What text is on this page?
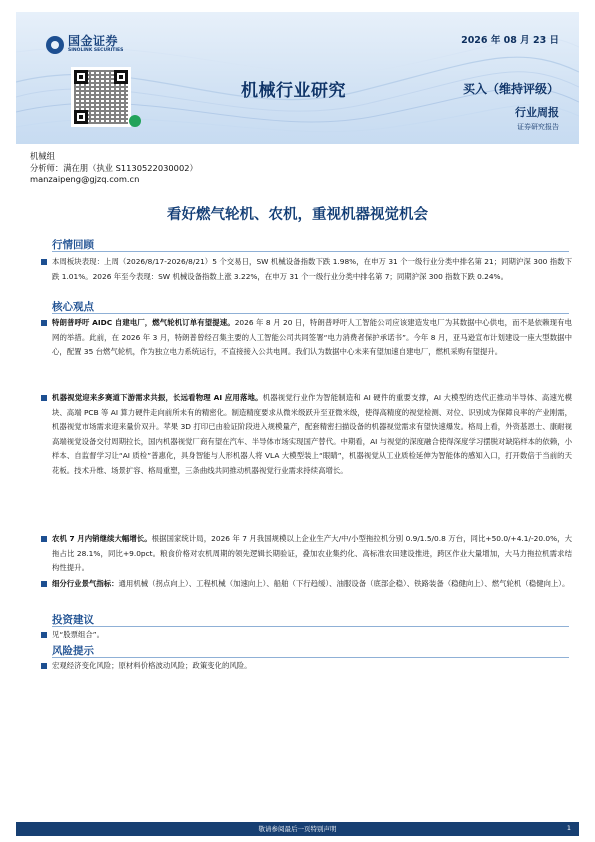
国金证券
SINOLINK SECURITIES
2026 年 08 月 23 日
机械行业研究	买入（维持评级）
行业周报
证券研究报告
机械组
分析师：满在朋（执业 S1130522030002）
manzaipeng@gjzq.com.cn
看好燃气轮机、农机，重视机器视觉机会
行情回顾
本周板块表现：上周（2026/8/17-2026/8/21）5 个交易日，SW 机械设备指数下跌 1.98%，在申万 31 个一级行业分类中排名第 21；同期沪深 300 指数下跌 1.01%。2026 年至今表现：SW 机械设备指数上涨 3.22%，在申万 31 个一级行业分类中排名第 7；同期沪深 300 指数下跌 0.24%。
核心观点
特朗普呼吁 AIDC 自建电厂，燃气轮机订单有望提速。2026 年 8 月 20 日，特朗普呼吁人工智能公司应该建造发电厂为其数据中心供电，而不是依赖现有电网的举措。此前，在 2026 年 3 月，特朗普曾经召集主要的人工智能公司共同签署“电力消费者保护承诺书”。今年 8 月，亚马逊宣布计划建设一座大型数据中心，配置 35 台燃气轮机，作为独立电力系统运行，不直接接入公共电网。我们认为数据中心未来有望加速自建电厂，燃机采购有望提升。
机器视觉迎来多赛道下游需求共振，长远看物理 AI 应用落地。机器视觉行业作为智能制造和 AI 硬件的重要支撑，AI 大模型的迭代正推动半导体、高速光模块、高端 PCB 等 AI 算力硬件走向前所未有的精密化。制造精度要求从微米级跃升至亚微米级，使得高精度的视觉检测、对位、识别成为保障良率的产业刚需，机器视觉市场需求迎来量价双升。苹果 3D 打印已由验证阶段进入规模量产，配套精密扫描设备的机器视觉需求有望快速爆发。格局上看，外资基恩士、康耐视高端视觉设备交付周期拉长，国内机器视觉厂商有望在汽车、半导体市场实现国产替代。中期看，AI 与视觉的深度融合使得深度学习摆脱对缺陷样本的依赖，小样本、自监督学习让“AI 质检”普惠化，具身智能与人形机器人将 VLA 大模型装上“眼睛”，机器视觉从工业质检延伸为智能体的感知入口，打开数倍于当前的天花板。技术升维、场景扩容、格局重塑，三条曲线共同推动机器视觉行业需求持续高增长。
农机 7 月内销继续大幅增长。根据国家统计局，2026 年 7 月我国规模以上企业生产大/中/小型拖拉机分别 0.9/1.5/0.8 万台，同比+50.0/+4.1/-20.0%，大拖占比 28.1%，同比+9.0pct。粮食价格对农机周期的领先逻辑长期验证，叠加农业集约化、高标准农田建设推进，跨区作业大量增加，大马力拖拉机需求结构性提升。
细分行业景气指标：通用机械（拐点向上）、工程机械（加速向上）、船舶（下行趋缓）、油服设备（底部企稳）、铁路装备（稳健向上）、燃气轮机（稳健向上）。
投资建议
见“股票组合”。
风险提示
宏观经济变化风险；原材料价格波动风险；政策变化的风险。
敬请参阅最后一页特别声明	1
